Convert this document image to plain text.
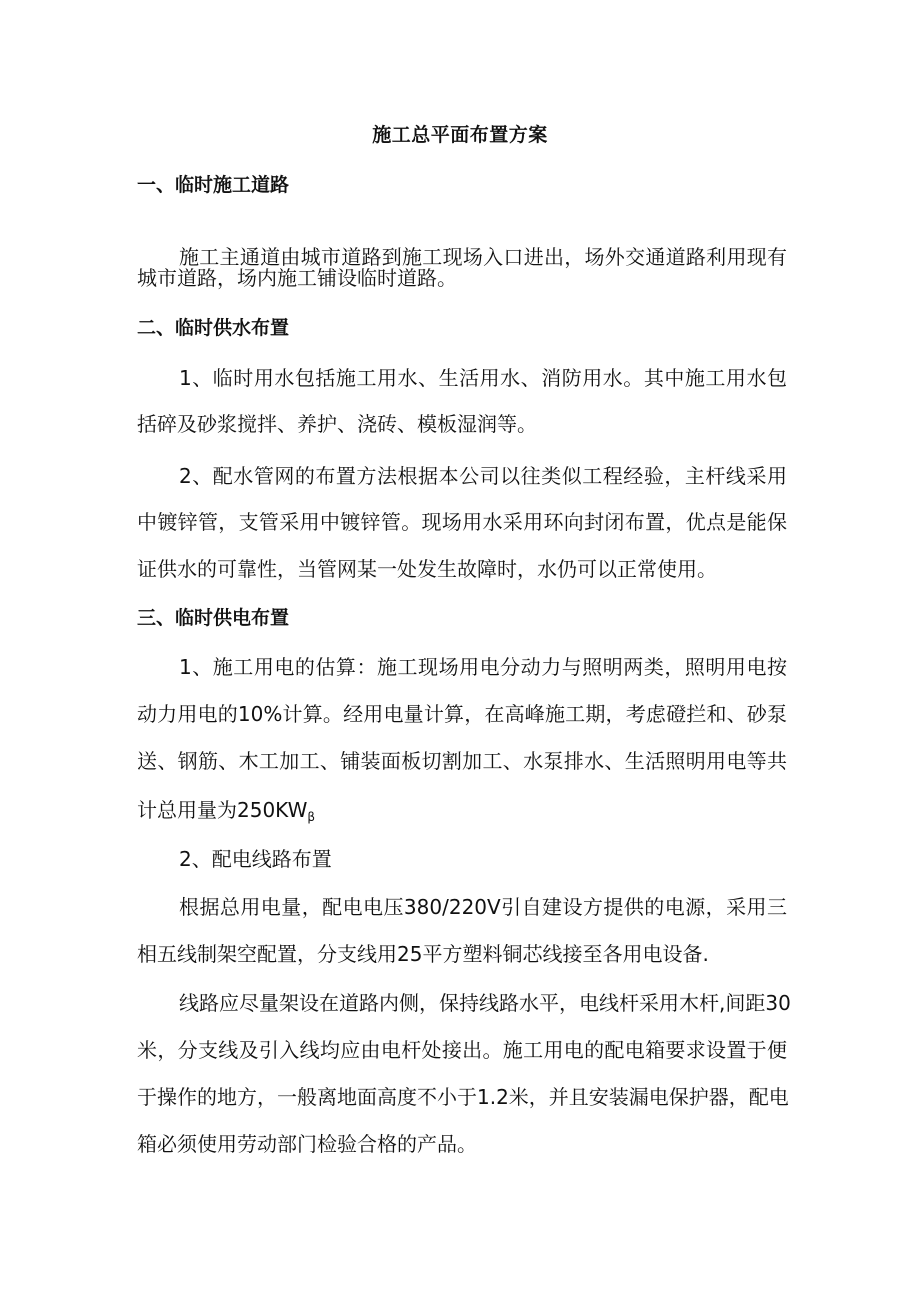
施工总平面布置方案
一、临时施工道路
施工主通道由城市道路到施工现场入口进出，场外交通道路利用现有
城市道路，场内施工铺设临时道路。
二、临时供水布置
1、临时用水包括施工用水、生活用水、消防用水。其中施工用水包
括碎及砂浆搅拌、养护、浇砖、模板湿润等。
2、配水管网的布置方法根据本公司以往类似工程经验，主杆线采用
中镀锌管，支管采用中镀锌管。现场用水采用环向封闭布置，优点是能保
证供水的可靠性，当管网某一处发生故障时，水仍可以正常使用。
三、临时供电布置
1、施工用电的估算：施工现场用电分动力与照明两类，照明用电按
动力用电的10%计算。经用电量计算，在高峰施工期，考虑磴拦和、砂泵
送、钢筋、木工加工、铺装面板切割加工、水泵排水、生活照明用电等共
计总用量为$250KW_\beta$
2、配电线路布置
根据总用电量，配电电压380/220V引自建设方提供的电源，采用三
相五线制架空配置，分支线用25平方塑料铜芯线接至各用电设备.
线路应尽量架设在道路内侧，保持线路水平，电线杆采用木杆,间距30
米，分支线及引入线均应由电杆处接出。施工用电的配电箱要求设置于便
于操作的地方，一般离地面高度不小于1.2米，并且安装漏电保护器，配电
箱必须使用劳动部门检验合格的产品。
